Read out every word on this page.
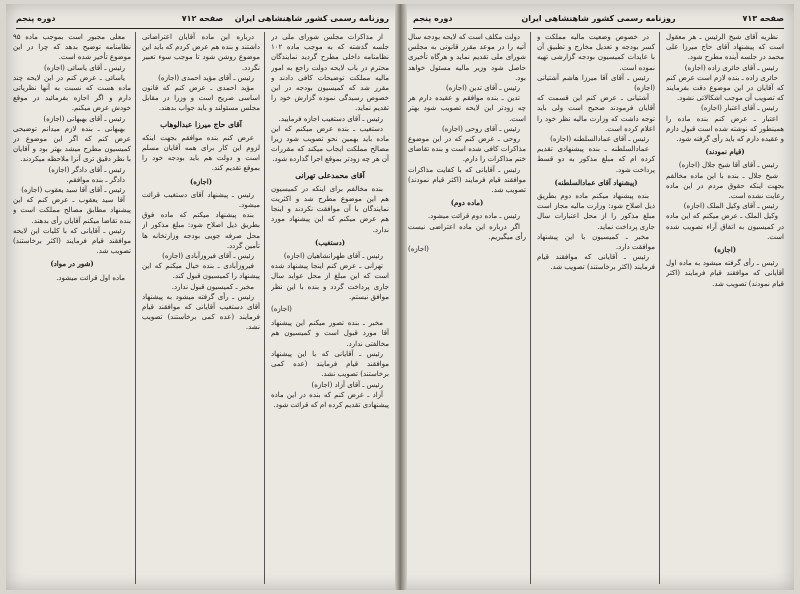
روزنامه رسمی کشور شاهنشاهی ایران
صفحه ۷۱۲
دوره پنجم

از مذاکرات مجلس شورای ملی در جلسه گذشته که به موجب ماده ۱۰۲ نظامنامه داخلی مطرح گردید نمایندگان محترم در باب لایحه دولت راجع به امور مالیه مملکت توضیحات کافی دادند و مقرر شد که کمیسیون بودجه در این خصوص رسیدگی نموده گزارش خود را تقدیم نماید.

رئیس ـ آقای دستغیب اجازه فرمایید.

دستغیب ـ بنده عرض میکنم که این ماده باید بهمین نحو تصویب شود زیرا مصالح مملکت ایجاب میکند که مقررات آن هر چه زودتر بموقع اجرا گذارده شود.

آقای محمدعلی تهرانی

بنده مخالفم برای اینکه در کمیسیون هم این موضوع مطرح شد و اکثریت نمایندگان با آن موافقت نکردند و اینجا هم عرض میکنم که این پیشنهاد مورد ندارد.

(دستغیب)

رئیس ـ آقای طهرانشاهیان (اجازه)

تهرانی ـ عرض کنم اینجا پیشنهاد شده است که این مبلغ از محل عواید سال جاری پرداخت گردد و بنده با این نظر موافق نیستم.

(اجازه)

مخبر ـ بنده تصور میکنم این پیشنهاد آقا مورد قبول است و کمیسیون هم مخالفتی ندارد.

رئیس ـ آقایانی که با این پیشنهاد موافقند قیام فرمایند (عده کمی برخاستند) تصویب نشد.

رئیس ـ آقای آزاد (اجازه)

آزاد ـ عرض کنم که بنده در این ماده پیشنهادی تقدیم کرده ام که قرائت شود.

درباره این ماده آقایان اعتراضاتی داشتند و بنده هم عرض کردم که باید این موضوع روشن شود تا موجب سوء تعبیر نگردد.

رئیس ـ آقای مؤید احمدی (اجازه)

مؤید احمدی ـ عرض کنم که قانون اساسی صریح است و وزرا در مقابل مجلس مسئولند و باید جواب بدهند.

آقای حاج میرزا عبدالوهاب

عرض کنم بنده موافقم بجهت اینکه لزوم این کار برای همه آقایان مسلم است و دولت هم باید بودجه خود را بموقع تقدیم کند.

(اجازه)

رئیس ـ پیشنهاد آقای دستغیب قرائت میشود.

بنده پیشنهاد میکنم که ماده فوق بطریق ذیل اصلاح شود: مبلغ مذکور از محل صرفه جویی بودجه وزارتخانه ها تأمین گردد.

رئیس ـ آقای فیروزآبادی (اجازه)

فیروزآبادی ـ بنده خیال میکنم که این پیشنهاد را کمیسیون قبول کند.

مخبر ـ کمیسیون قبول ندارد.

رئیس ـ رأی گرفته میشود به پیشنهاد آقای دستغیب آقایانی که موافقند قیام فرمایند (عده کمی برخاستند) تصویب نشد.

معلی مجبور است بموجب ماده ۹۵ نظامنامه توضیح بدهد که چرا در این موضوع تأخیر شده است.

رئیس ـ آقای یاسائی (اجازه)

یاسائی ـ عرض کنم در این لایحه چند ماده هست که نسبت به آنها نظریاتی دارم و اگر اجازه بفرمائید در موقع خودش عرض میکنم.

رئیس ـ آقای بهبهانی (اجازه)

بهبهانی ـ بنده لازم میدانم توضیحی عرض کنم که اگر این موضوع در کمیسیون مطرح میشد بهتر بود و آقایان با نظر دقیق تری آنرا ملاحظه میکردند.

رئیس ـ آقای دادگر (اجازه)

دادگر ـ بنده موافقم.

رئیس ـ آقای آقا سید یعقوب (اجازه)

آقا سید یعقوب ـ عرض کنم که این پیشنهاد مطابق مصالح مملکت است و بنده تقاضا میکنم آقایان رأی بدهند.

رئیس ـ آقایانی که با کلیات این لایحه موافقند قیام فرمایند (اکثر برخاستند) تصویب شد.

(شور در مواد)

ماده اول قرائت میشود.

صفحه ۷۱۳
روزنامه رسمی کشور شاهنشاهی ایران
دوره پنجم

نظریه آقای شیخ الرئیس ـ هر معقول است که پیشنهاد آقای حاج میرزا علی محمد در جلسه آینده مطرح شود.

رئیس ـ آقای حائری زاده (اجازه)

حائری زاده ـ بنده لازم است عرض کنم که آقایان در این موضوع دقت بفرمایند که تصویب آن موجب اشکالاتی نشود.

رئیس ـ آقای اعتبار (اجازه)

اعتبار ـ عرض کنم بنده ماده را همینطور که نوشته شده است قبول دارم و عقیده دارم که باید رأی گرفته شود.

(قیام نمودند)

رئیس ـ آقای آقا شیخ جلال (اجازه)

شیخ جلال ـ بنده با این ماده مخالفم بجهت اینکه حقوق مردم در این ماده رعایت نشده است.

رئیس ـ آقای وکیل الملک (اجازه)

وکیل الملک ـ عرض میکنم که این ماده در کمیسیون به اتفاق آراء تصویب شده است.

(اجازه)

رئیس ـ رأی گرفته میشود به ماده اول آقایانی که موافقند قیام فرمایند (اکثر قیام نمودند) تصویب شد.

در خصوص وضعیت مالیه مملکت و کسر بودجه و تعدیل مخارج و تطبیق آن با عایدات کمیسیون بودجه گزارشی تهیه نموده است.

رئیس ـ آقای آقا میرزا هاشم آشتیانی (اجازه)

آشتیانی ـ عرض کنم این قسمت که آقایان فرمودند صحیح است ولی باید توجه داشت که وزارت مالیه نظر خود را اعلام کرده است.

رئیس ـ آقای عمادالسلطنه (اجازه)

عمادالسلطنه ـ بنده پیشنهادی تقدیم کرده ام که مبلغ مذکور به دو قسط پرداخت شود.

(پیشنهاد آقای عمادالسلطنه)

بنده پیشنهاد میکنم ماده دوم بطریق ذیل اصلاح شود: وزارت مالیه مجاز است مبلغ مذکور را از محل اعتبارات سال جاری پرداخت نماید.

مخبر ـ کمیسیون با این پیشنهاد موافقت دارد.

رئیس ـ آقایانی که موافقند قیام فرمایند (اکثر برخاستند) تصویب شد.

دولت مکلف است که لایحه بودجه سال آتیه را در موعد مقرر قانونی به مجلس شورای ملی تقدیم نماید و هرگاه تأخیری حاصل شود وزیر مالیه مسئول خواهد بود.

رئیس ـ آقای تدین (اجازه)

تدین ـ بنده موافقم و عقیده دارم هر چه زودتر این لایحه تصویب شود بهتر است.

رئیس ـ آقای روحی (اجازه)

روحی ـ عرض کنم که در این موضوع مذاکرات کافی شده است و بنده تقاضای ختم مذاکرات را دارم.

رئیس ـ آقایانی که با کفایت مذاکرات موافقند قیام فرمایند (اکثر قیام نمودند) تصویب شد.

(ماده دوم)

رئیس ـ ماده دوم قرائت میشود.

اگر درباره این ماده اعتراضی نیست رأی میگیریم.

(اجازه)
